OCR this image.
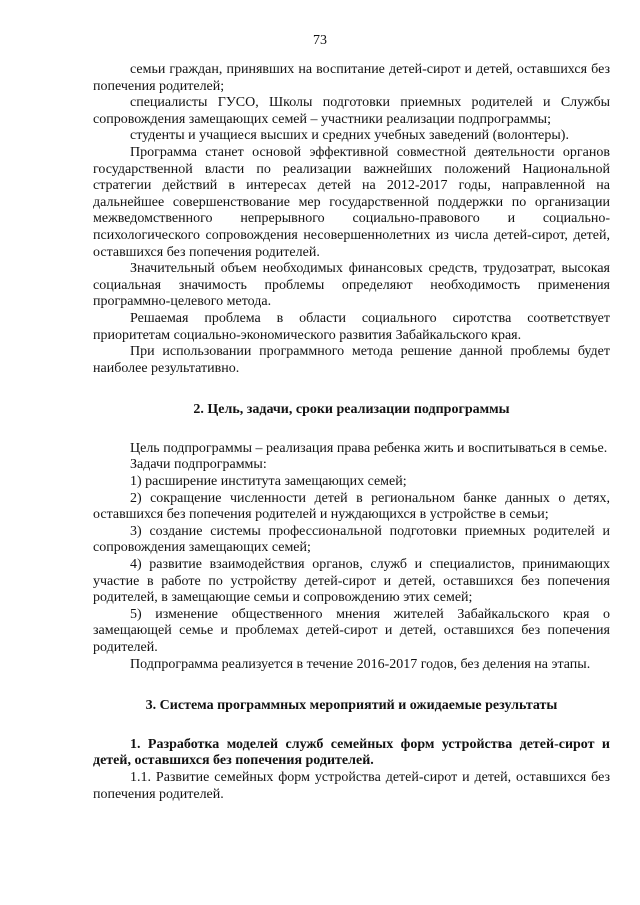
73

семьи граждан, принявших на воспитание детей-сирот и детей, оставшихся без попечения родителей;

специалисты ГУСО, Школы подготовки приемных родителей и Службы сопровождения замещающих семей – участники реализации подпрограммы;

студенты и учащиеся высших и средних учебных заведений (волонтеры).

Программа станет основой эффективной совместной деятельности органов государственной власти по реализации важнейших положений Национальной стратегии действий в интересах детей на 2012-2017 годы, направленной на дальнейшее совершенствование мер государственной поддержки по организации межведомственного непрерывного социально-правового и социально-психологического сопровождения несовершеннолетних из числа детей-сирот, детей, оставшихся без попечения родителей.

Значительный объем необходимых финансовых средств, трудозатрат, высокая социальная значимость проблемы определяют необходимость применения программно-целевого метода.

Решаемая проблема в области социального сиротства соответствует приоритетам социально-экономического развития Забайкальского края.

При использовании программного метода решение данной проблемы будет наиболее результативно.

2. Цель, задачи, сроки реализации подпрограммы

Цель подпрограммы – реализация права ребенка жить и воспитываться в семье.

Задачи подпрограммы:

1) расширение института замещающих семей;

2) сокращение численности детей в региональном банке данных о детях, оставшихся без попечения родителей и нуждающихся в устройстве в семьи;

3) создание системы профессиональной подготовки приемных родителей и сопровождения замещающих семей;

4) развитие взаимодействия органов, служб и специалистов, принимающих участие в работе по устройству детей-сирот и детей, оставшихся без попечения родителей, в замещающие семьи и сопровождению этих семей;

5) изменение общественного мнения жителей Забайкальского края о замещающей семье и проблемах детей-сирот и детей, оставшихся без попечения родителей.

Подпрограмма реализуется в течение 2016-2017 годов, без деления на этапы.

3. Система программных мероприятий и ожидаемые результаты
1. Разработка моделей служб семейных форм устройства детей-сирот и детей, оставшихся без попечения родителей.

1.1. Развитие семейных форм устройства детей-сирот и детей, оставшихся без попечения родителей.
